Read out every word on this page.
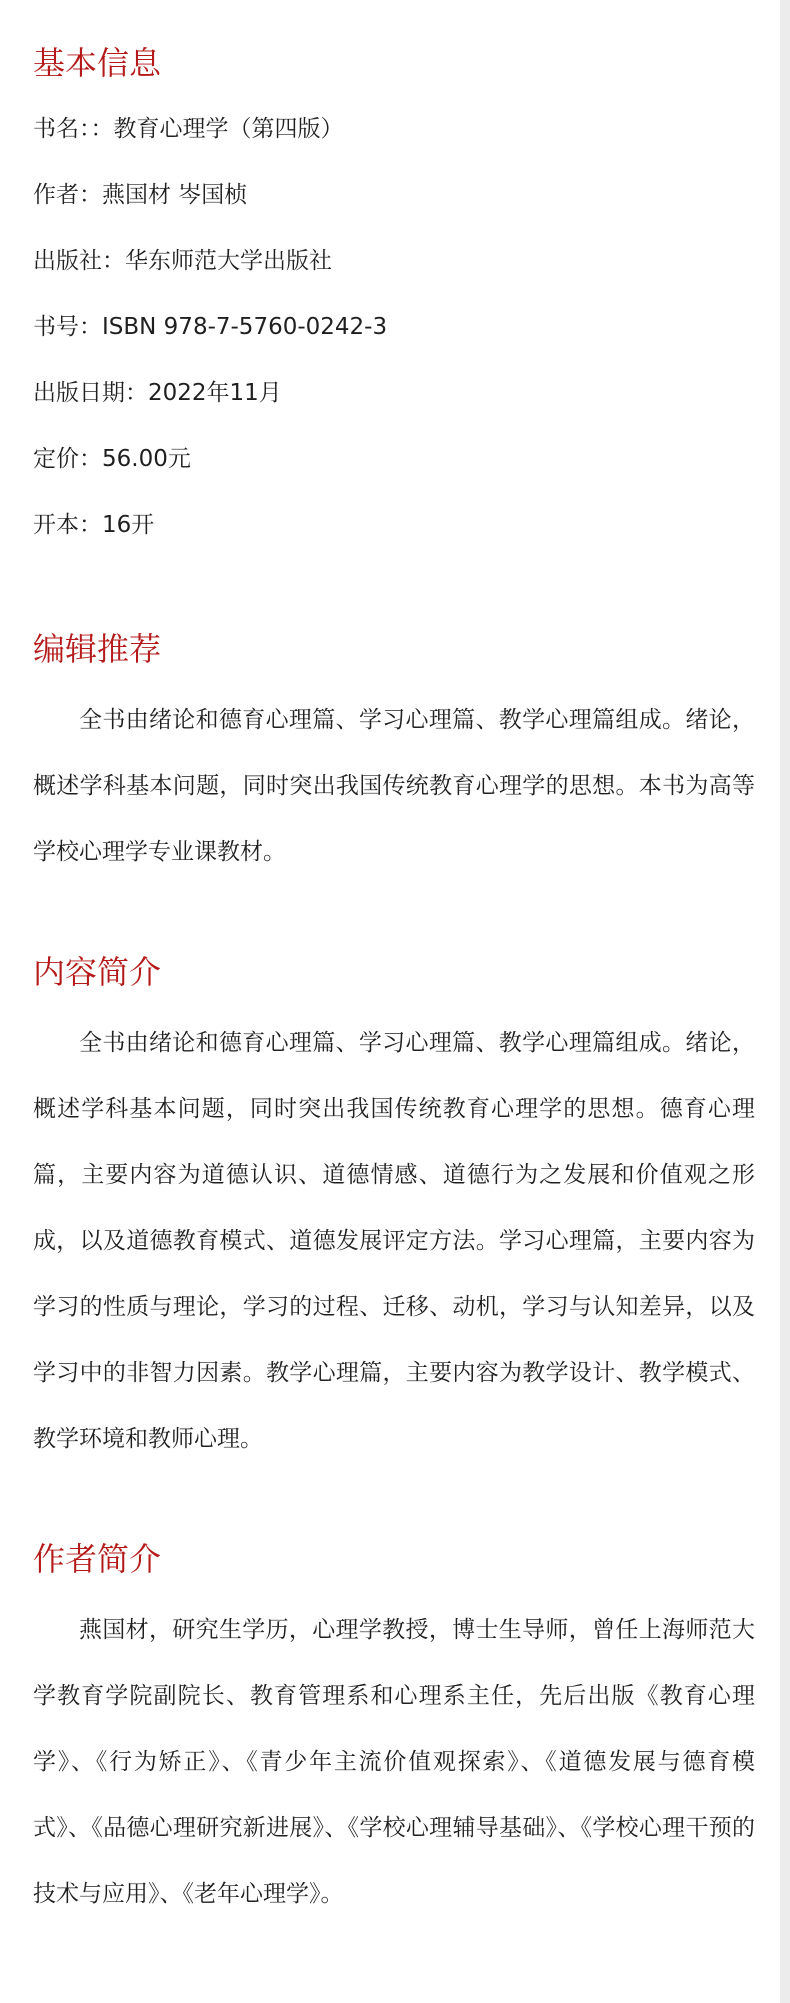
基本信息
书名：：教育心理学（第四版）
作者：燕国材 岑国桢
出版社：华东师范大学出版社
书号：ISBN 978-7-5760-0242-3
出版日期：2022年11月
定价：56.00元
开本：16开
编辑推荐

全书由绪论和德育心理篇、学习心理篇、教学心理篇组成。绪论，概述学科基本问题，同时突出我国传统教育心理学的思想。本书为高等学校心理学专业课教材。

内容简介

全书由绪论和德育心理篇、学习心理篇、教学心理篇组成。绪论，概述学科基本问题，同时突出我国传统教育心理学的思想。德育心理篇，主要内容为道德认识、道德情感、道德行为之发展和价值观之形成，以及道德教育模式、道德发展评定方法。学习心理篇，主要内容为学习的性质与理论，学习的过程、迁移、动机，学习与认知差异，以及学习中的非智力因素。教学心理篇，主要内容为教学设计、教学模式、教学环境和教师心理。

作者简介

燕国材，研究生学历，心理学教授，博士生导师，曾任上海师范大学教育学院副院长、教育管理系和心理系主任，先后出版《教育心理学》、《行为矫正》、《青少年主流价值观探索》、《道德发展与德育模式》、《品德心理研究新进展》、《学校心理辅导基础》、《学校心理干预的技术与应用》、《老年心理学》。
